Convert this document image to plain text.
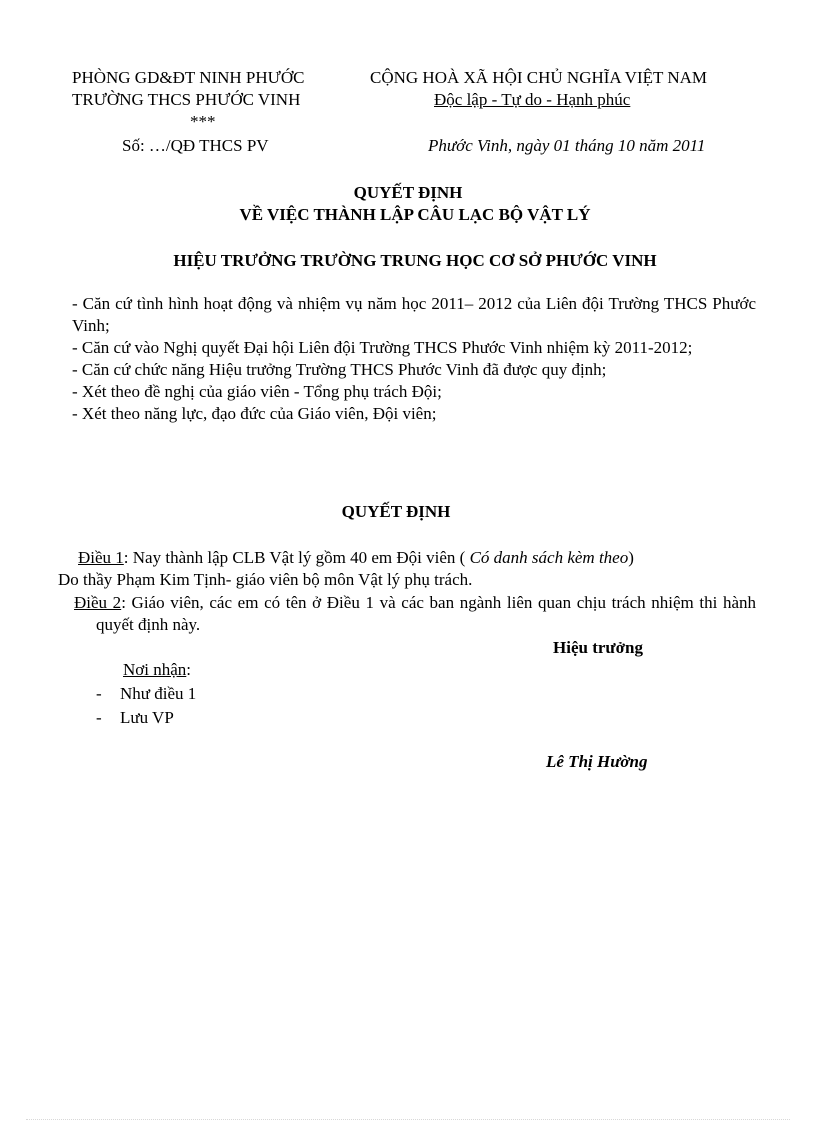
PHÒNG GD&ĐT NINH PHƯỚC
TRƯỜNG THCS PHƯỚC VINH
***
CỘNG HOÀ XÃ HỘI CHỦ NGHĨA VIỆT NAM
Độc lập - Tự do - Hạnh phúc
Số: …/QĐ THCS PV	Phước Vinh, ngày 01 tháng 10 năm 2011
QUYẾT ĐỊNH
VỀ VIỆC THÀNH LẬP CÂU LẠC BỘ VẬT LÝ
HIỆU TRƯỞNG TRƯỜNG TRUNG HỌC CƠ SỞ PHƯỚC VINH
- Căn cứ tình hình hoạt động và nhiệm vụ năm học 2011– 2012 của Liên đội Trường THCS Phước Vinh;
- Căn cứ vào Nghị quyết Đại hội Liên đội Trường THCS Phước Vinh nhiệm kỳ 2011-2012;
- Căn cứ chức năng Hiệu trưởng Trường THCS Phước Vinh đã được quy định;
- Xét theo đề nghị của giáo viên - Tổng phụ trách Đội;
- Xét theo năng lực, đạo đức của Giáo viên, Đội viên;
QUYẾT ĐỊNH
Điều 1: Nay thành lập CLB Vật lý gồm 40 em Đội viên ( Có danh sách kèm theo)
Do thầy Phạm Kim Tịnh- giáo viên bộ môn Vật lý phụ trách.
Điều 2: Giáo viên, các em có tên ở Điều 1 và các ban ngành liên quan chịu trách nhiệm thi hành quyết định này.
Hiệu trưởng
Lê Thị Hường
Nơi nhận:
- Như điều 1
- Lưu VP
